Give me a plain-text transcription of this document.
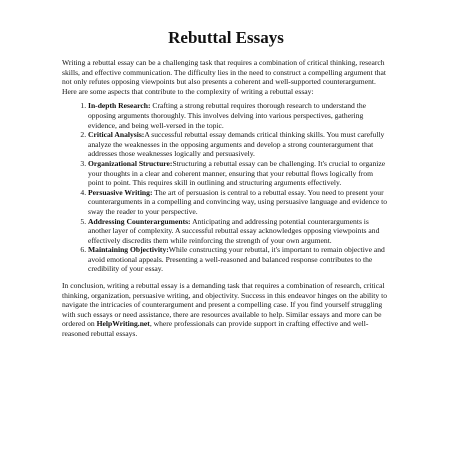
Rebuttal Essays

Writing a rebuttal essay can be a challenging task that requires a combination of critical thinking, research skills, and effective communication. The difficulty lies in the need to construct a compelling argument that not only refutes opposing viewpoints but also presents a coherent and well-supported counterargument. Here are some aspects that contribute to the complexity of writing a rebuttal essay:

1. In-depth Research: Crafting a strong rebuttal requires thorough research to understand the opposing arguments thoroughly. This involves delving into various perspectives, gathering evidence, and being well-versed in the topic.
2. Critical Analysis:A successful rebuttal essay demands critical thinking skills. You must carefully analyze the weaknesses in the opposing arguments and develop a strong counterargument that addresses those weaknesses logically and persuasively.
3. Organizational Structure:Structuring a rebuttal essay can be challenging. It's crucial to organize your thoughts in a clear and coherent manner, ensuring that your rebuttal flows logically from point to point. This requires skill in outlining and structuring arguments effectively.
4. Persuasive Writing: The art of persuasion is central to a rebuttal essay. You need to present your counterarguments in a compelling and convincing way, using persuasive language and evidence to sway the reader to your perspective.
5. Addressing Counterarguments: Anticipating and addressing potential counterarguments is another layer of complexity. A successful rebuttal essay acknowledges opposing viewpoints and effectively discredits them while reinforcing the strength of your own argument.
6. Maintaining Objectivity:While constructing your rebuttal, it's important to remain objective and avoid emotional appeals. Presenting a well-reasoned and balanced response contributes to the credibility of your essay.

In conclusion, writing a rebuttal essay is a demanding task that requires a combination of research, critical thinking, organization, persuasive writing, and objectivity. Success in this endeavor hinges on the ability to navigate the intricacies of counterargument and present a compelling case. If you find yourself struggling with such essays or need assistance, there are resources available to help. Similar essays and more can be ordered on HelpWriting.net, where professionals can provide support in crafting effective and well-reasoned rebuttal essays.
